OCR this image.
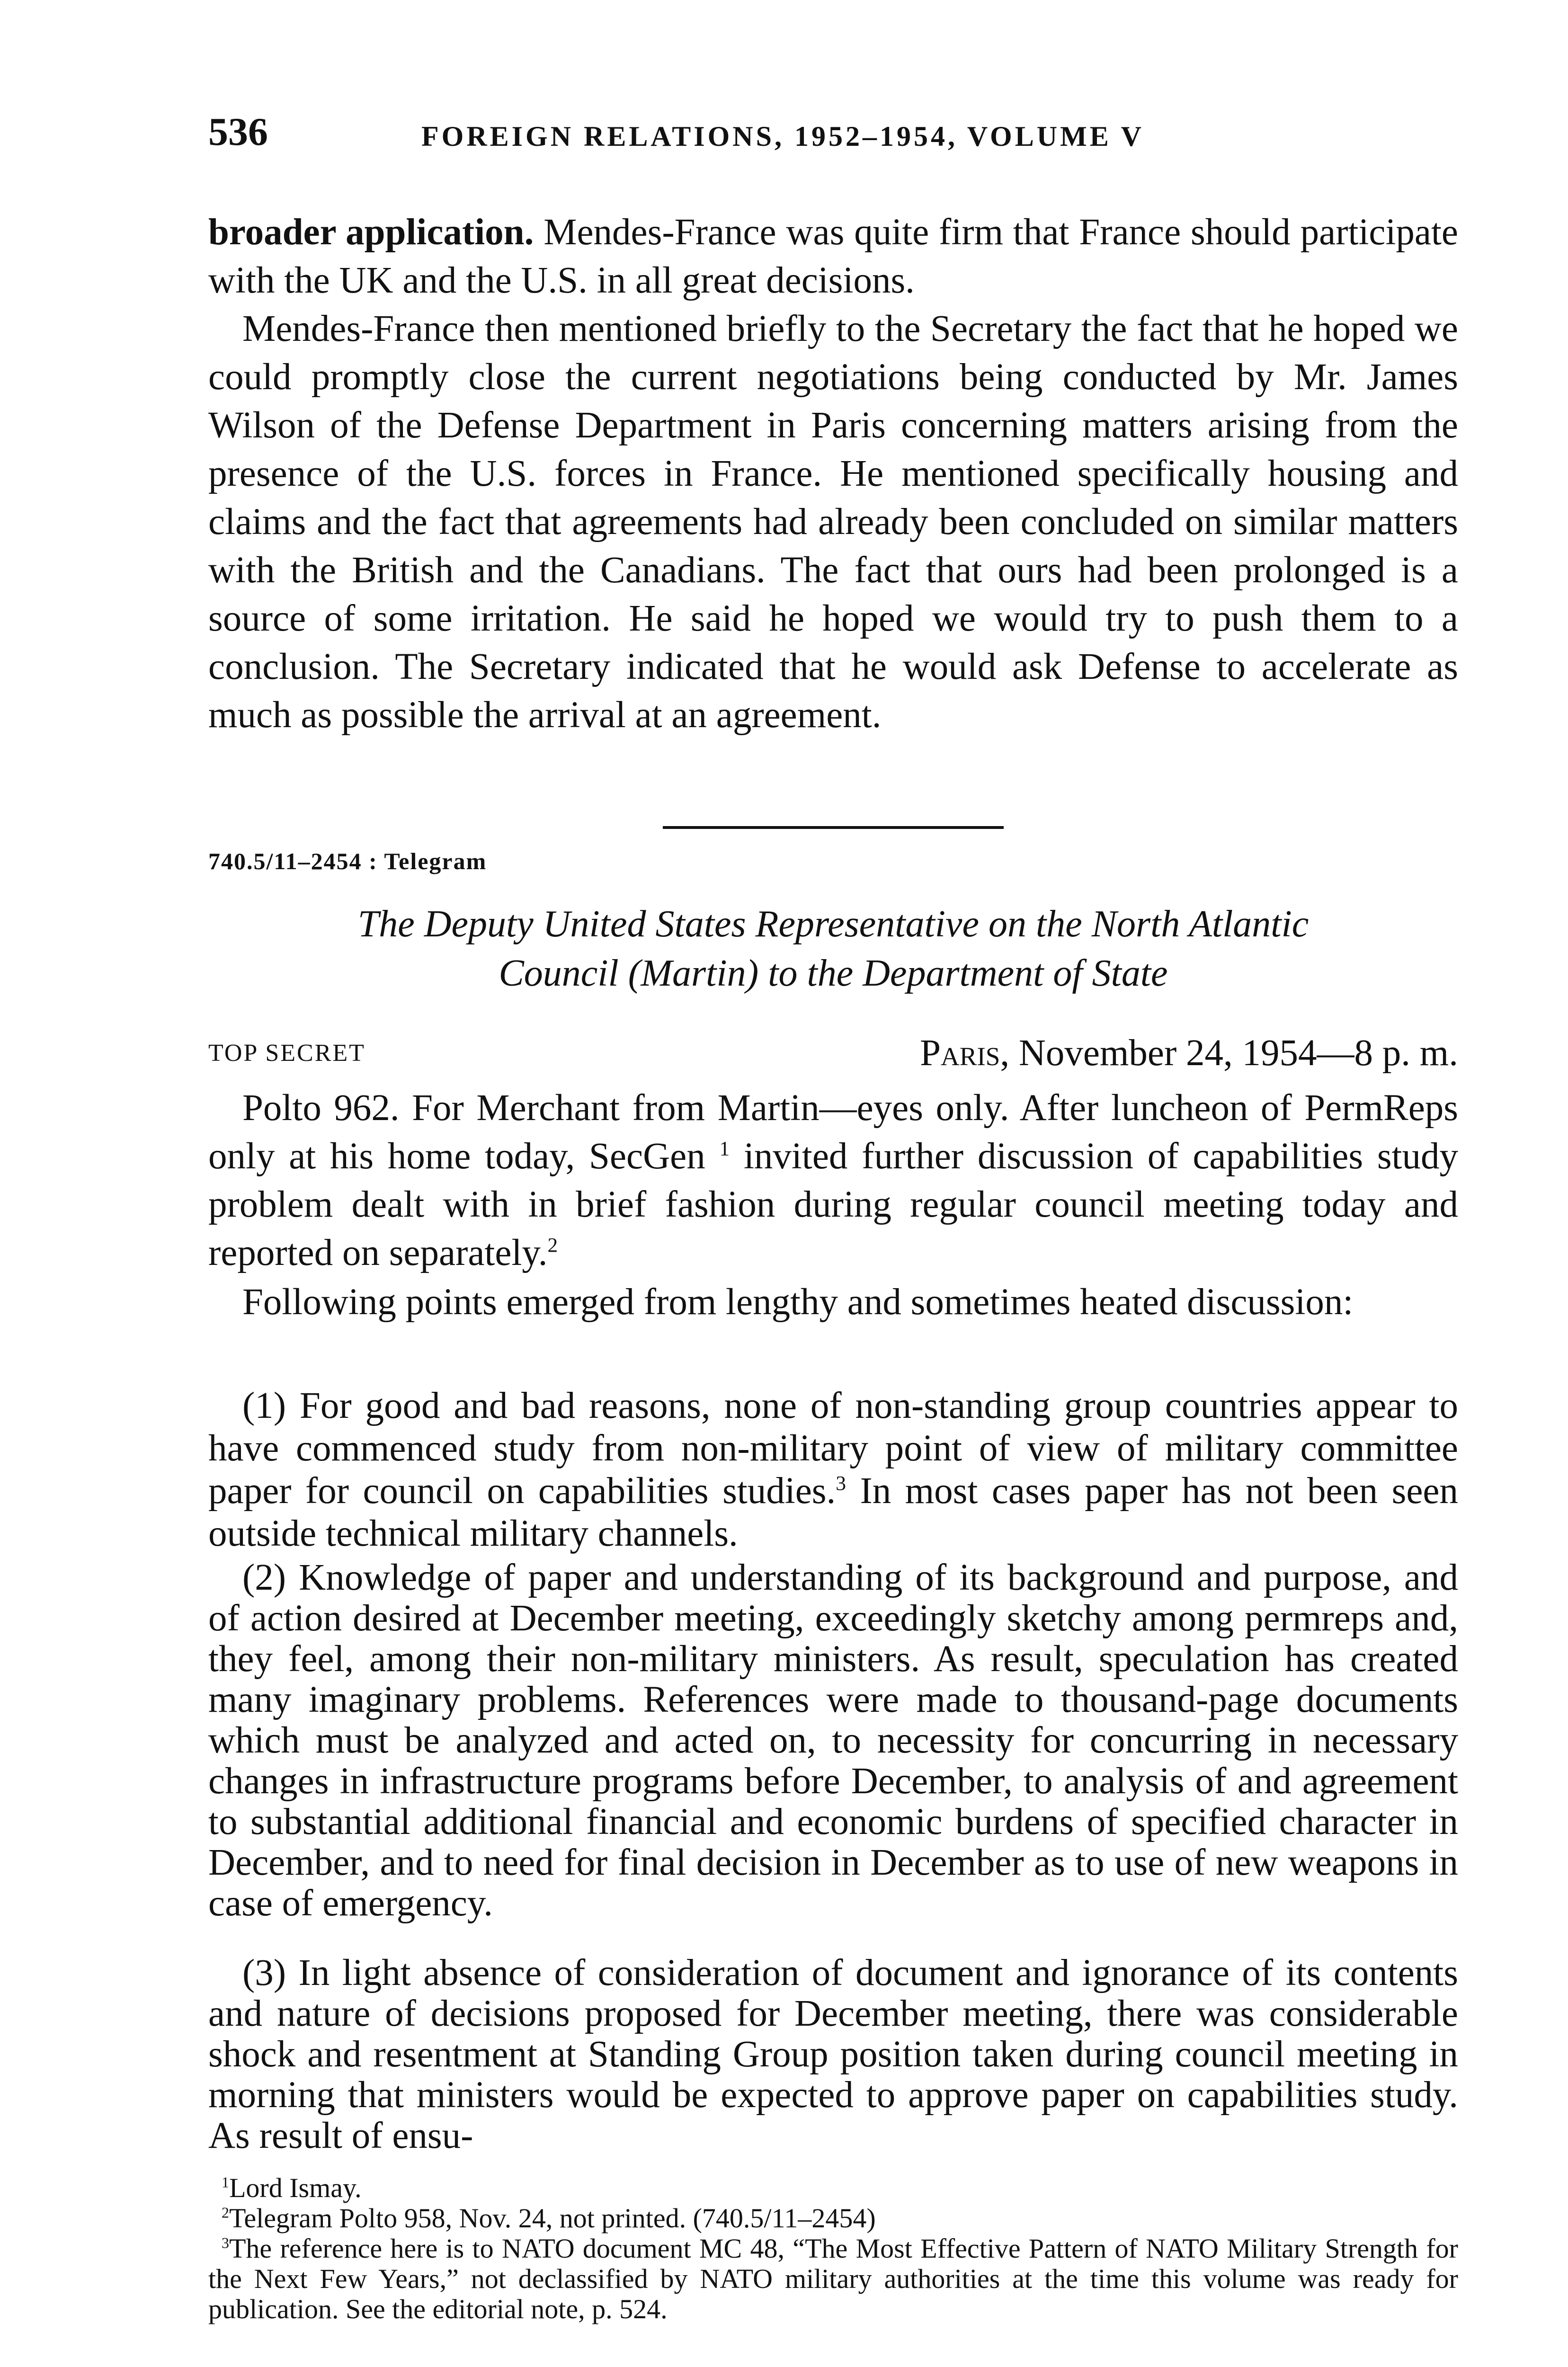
536	FOREIGN RELATIONS, 1952–1954, VOLUME V

broader application. Mendes-France was quite firm that France should participate with the UK and the U.S. in all great decisions.

Mendes-France then mentioned briefly to the Secretary the fact that he hoped we could promptly close the current negotiations being conducted by Mr. James Wilson of the Defense Department in Paris concerning matters arising from the presence of the U.S. forces in France. He mentioned specifically housing and claims and the fact that agreements had already been concluded on similar matters with the British and the Canadians. The fact that ours had been prolonged is a source of some irritation. He said he hoped we would try to push them to a conclusion. The Secretary indicated that he would ask Defense to accelerate as much as possible the arrival at an agreement.

740.5/11–2454 : Telegram

The Deputy United States Representative on the North Atlantic
Council (Martin) to the Department of State

TOP SECRET	Paris, November 24, 1954—8 p. m.

Polto 962. For Merchant from Martin—eyes only. After luncheon of PermReps only at his home today, SecGen $^1$ invited further discussion of capabilities study problem dealt with in brief fashion during regular council meeting today and reported on separately.$^2$

Following points emerged from lengthy and sometimes heated discussion:

(1) For good and bad reasons, none of non-standing group countries appear to have commenced study from non-military point of view of military committee paper for council on capabilities studies.$^3$ In most cases paper has not been seen outside technical military channels.

(2) Knowledge of paper and understanding of its background and purpose, and of action desired at December meeting, exceedingly sketchy among permreps and, they feel, among their non-military ministers. As result, speculation has created many imaginary problems. References were made to thousand-page documents which must be analyzed and acted on, to necessity for concurring in necessary changes in infrastructure programs before December, to analysis of and agreement to substantial additional financial and economic burdens of specified character in December, and to need for final decision in December as to use of new weapons in case of emergency.

(3) In light absence of consideration of document and ignorance of its contents and nature of decisions proposed for December meeting, there was considerable shock and resentment at Standing Group position taken during council meeting in morning that ministers would be expected to approve paper on capabilities study. As result of ensu-

$^1$Lord Ismay.

$^2$Telegram Polto 958, Nov. 24, not printed. (740.5/11–2454)

$^3$The reference here is to NATO document MC 48, “The Most Effective Pattern of NATO Military Strength for the Next Few Years,” not declassified by NATO military authorities at the time this volume was ready for publication. See the editorial note, p. 524.
